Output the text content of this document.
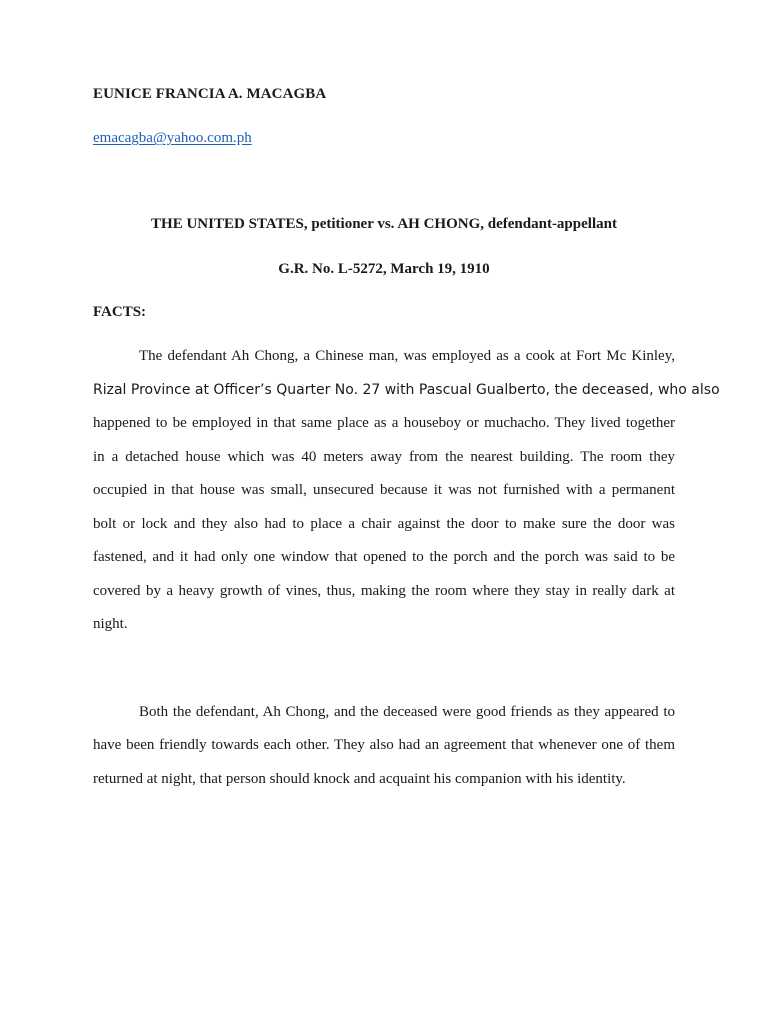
EUNICE FRANCIA A. MACAGBA

emacagba@yahoo.com.ph

THE UNITED STATES, petitioner vs. AH CHONG, defendant-appellant

G.R. No. L-5272, March 19, 1910

FACTS:

The defendant Ah Chong, a Chinese man, was employed as a cook at Fort Mc Kinley,

Rizal Province at Officer’s Quarter No. 27 with Pascual Gualberto, the deceased, who also

happened to be employed in that same place as a houseboy or muchacho. They lived together

in a detached house which was 40 meters away from the nearest building. The room they

occupied in that house was small, unsecured because it was not furnished with a permanent

bolt or lock and they also had to place a chair against the door to make sure the door was

fastened, and it had only one window that opened to the porch and the porch was said to be

covered by a heavy growth of vines, thus, making the room where they stay in really dark at

night.

Both the defendant, Ah Chong, and the deceased were good friends as they appeared to

have been friendly towards each other. They also had an agreement that whenever one of them

returned at night, that person should knock and acquaint his companion with his identity.
